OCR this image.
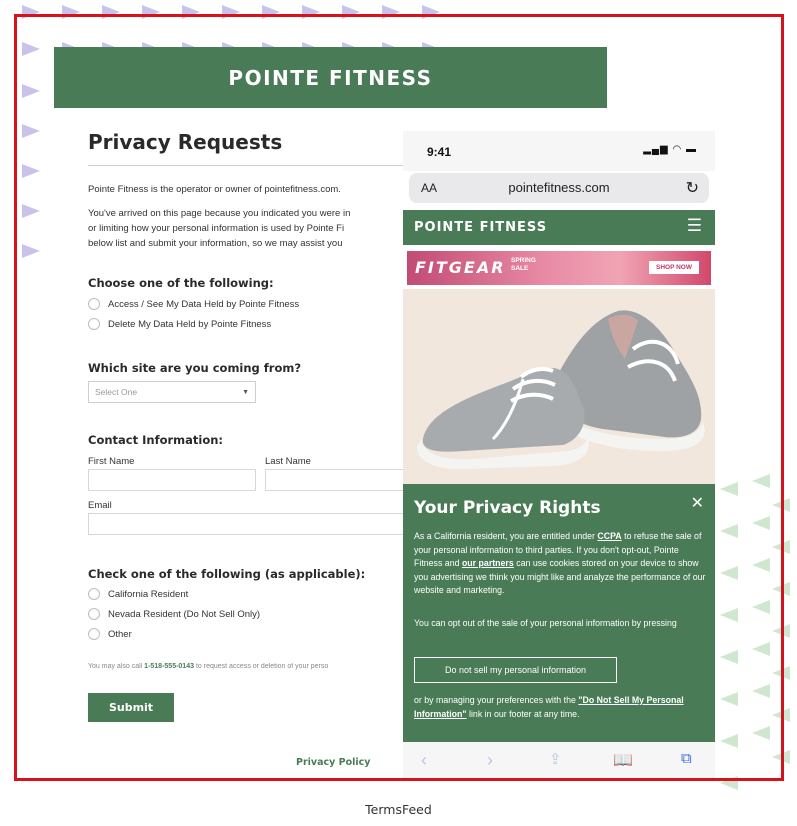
POINTE FITNESS
Privacy Requests
Pointe Fitness is the operator or owner of pointefitness.com.
You've arrived on this page because you indicated you were in
or limiting how your personal information is used by Pointe Fi
below list and submit your information, so we may assist you
Choose one of the following:
Access / See My Data Held by Pointe Fitness
Delete My Data Held by Pointe Fitness
Which site are you coming from?
Select One	▼
Contact Information:
First Name	Last Name
Email
Check one of the following (as applicable):
California Resident
Nevada Resident (Do Not Sell Only)
Other
You may also call 1-518-555-0143 to request access or deletion of your perso
Submit
Privacy Policy
9:41	▂▄▆ ◠ ▬
AA	pointefitness.com	↻
POINTE FITNESS	☰
FITGEAR SPRING
SALE	SHOP NOW
Your Privacy Rights	✕
As a California resident, you are entitled under CCPA to refuse the sale of your personal information to third parties. If you don't opt-out, Pointe Fitness and our partners can use cookies stored on your device to show you advertising we think you might like and analyze the performance of our website and marketing.
You can opt out of the sale of your personal information by pressing
Do not sell my personal information
or by managing your preferences with the "Do Not Sell My Personal Information" link in our footer at any time.
‹	›	⇪	📖	⧉
TermsFeed
